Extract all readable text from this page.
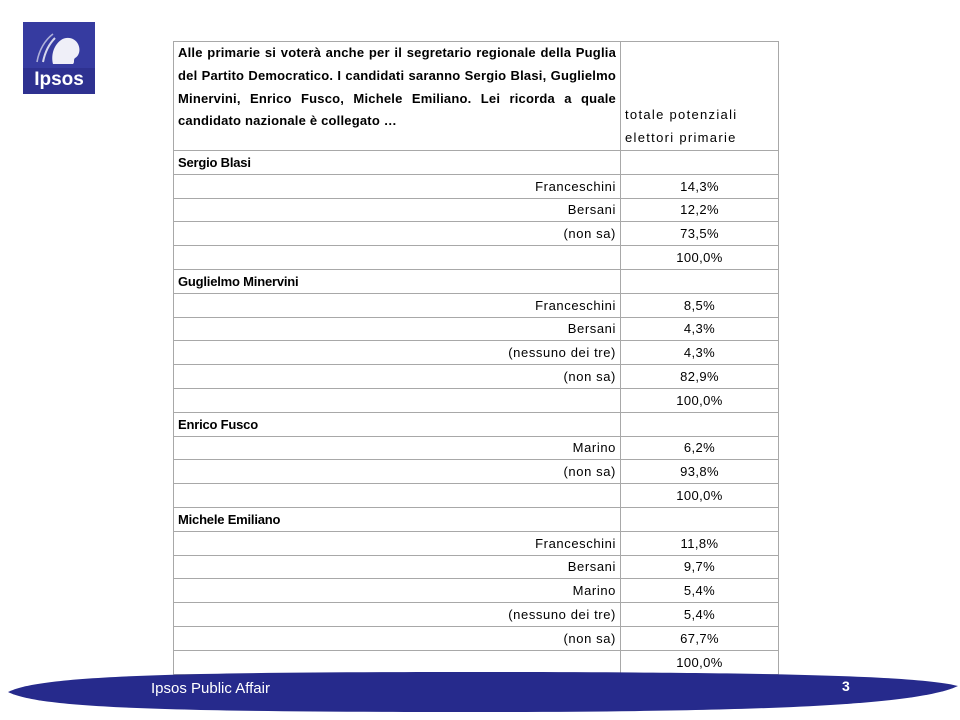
Ipsos
Alle primarie si voterà anche per il segretario regionale della Puglia del Partito Democratico. I candidati saranno Sergio Blasi, Guglielmo Minervini, Enrico Fusco, Michele Emiliano. Lei ricorda a quale candidato nazionale è collegato …	totale potenziali elettori primarie
Sergio Blasi	
Franceschini	14,3%
Bersani	12,2%
(non sa)	73,5%
	100,0%
Guglielmo Minervini	
Franceschini	8,5%
Bersani	4,3%
(nessuno dei tre)	4,3%
(non sa)	82,9%
	100,0%
Enrico Fusco	
Marino	6,2%
(non sa)	93,8%
	100,0%
Michele Emiliano	
Franceschini	11,8%
Bersani	9,7%
Marino	5,4%
(nessuno dei tre)	5,4%
(non sa)	67,7%
	100,0%
Ipsos Public Affair	3
